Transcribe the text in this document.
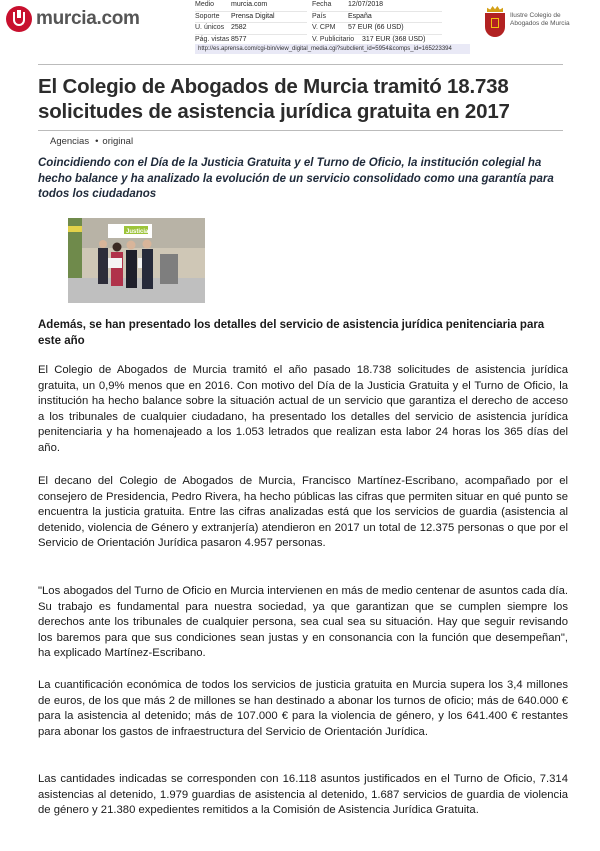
murcia.com
Medio	murcia.com
Soporte	Prensa Digital
U. únicos 2582
Pág. vistas 8577
Fecha	12/07/2018
País	España
V. CPM	57 EUR (66 USD)
V. Publicitario	317 EUR (368 USD)
http://es.aprensa.com/cgi-bin/view_digital_media.cgi?subclient_id=5954&comps_id=165223394
Ilustre Colegio de Abogados de Murcia
El Colegio de Abogados de Murcia tramitó 18.738 solicitudes de asistencia jurídica gratuita en 2017
Agencias • original

Coincidiendo con el Día de la Justicia Gratuita y el Turno de Oficio, la institución colegial ha hecho balance y ha analizado la evolución de un servicio consolidado como una garantía para todos los ciudadanos

Justicia

Además, se han presentado los detalles del servicio de asistencia jurídica penitenciaria para este año

El Colegio de Abogados de Murcia tramitó el año pasado 18.738 solicitudes de asistencia jurídica gratuita, un 0,9% menos que en 2016. Con motivo del Día de la Justicia Gratuita y el Turno de Oficio, la institución ha hecho balance sobre la situación actual de un servicio que garantiza el derecho de acceso a los tribunales de cualquier ciudadano, ha presentado los detalles del servicio de asistencia jurídica penitenciaria y ha homenajeado a los 1.053 letrados que realizan esta labor 24 horas los 365 días del año.

El decano del Colegio de Abogados de Murcia, Francisco Martínez-Escribano, acompañado por el consejero de Presidencia, Pedro Rivera, ha hecho públicas las cifras que permiten situar en qué punto se encuentra la justicia gratuita. Entre las cifras analizadas está que los servicios de guardia (asistencia al detenido, violencia de Género y extranjería) atendieron en 2017 un total de 12.375 personas o que por el Servicio de Orientación Jurídica pasaron 4.957 personas.

"Los abogados del Turno de Oficio en Murcia intervienen en más de medio centenar de asuntos cada día. Su trabajo es fundamental para nuestra sociedad, ya que garantizan que se cumplen siempre los derechos ante los tribunales de cualquier persona, sea cual sea su situación. Hay que seguir revisando los baremos para que sus condiciones sean justas y en consonancia con la función que desempeñan", ha explicado Martínez-Escribano.

La cuantificación económica de todos los servicios de justicia gratuita en Murcia supera los 3,4 millones de euros, de los que más 2 de millones se han destinado a abonar los turnos de oficio; más de 640.000 € para la asistencia al detenido; más de 107.000 € para la violencia de género, y los 641.400 € restantes para abonar los gastos de infraestructura del Servicio de Orientación Jurídica.

Las cantidades indicadas se corresponden con 16.118 asuntos justificados en el Turno de Oficio, 7.314 asistencias al detenido, 1.979 guardias de asistencia al detenido, 1.687 servicios de guardia de violencia de género y 21.380 expedientes remitidos a la Comisión de Asistencia Jurídica Gratuita.
